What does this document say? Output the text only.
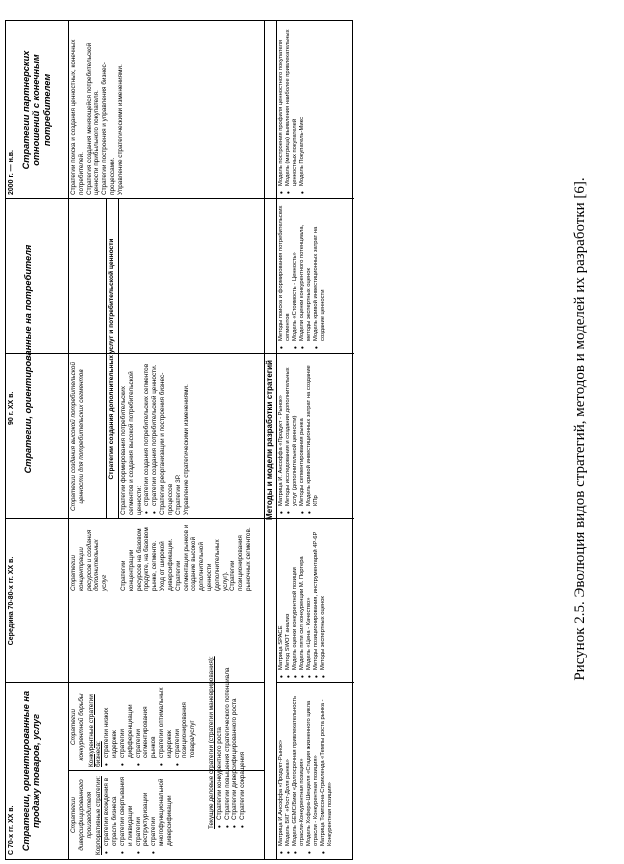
С 70-х гг. XX в. Стратегии, ориентированные на продажу товаров, услуг
Середина 70-80-х гг. XX в.
90 г. XX в. Стратегии, ориентированные на потребителя
2000 г. — н.в.
Стратегии партнерских отношений с конечным потребителем
Стратегии диверсифицированного производителя Корпоративные стратегии: • стратегии вхождения в отрасль бизнеса • стратегии свертывания и ликвидации • стратегии реструктуризации • стратегии многофункциональной диверсификации
Стратегии конкурентной борьбы Конкурентные стратегии бизнеса: • стратегии низких издержек • стратегии дифференциации • стратегии сегментирования рынков • стратегии оптимальных издержек • стратегии позиционирования товара/услуг Текущие деловые стратегии (стратегии маневрирования): • Стратегии конкурентного роста • Стратегии повышения стратегического потенциала • Стратегии диверсифицированного роста • Стратегии сокращения
Стратегии концентрации ресурсов и создания дополнительных услуг Стратегии концентрации ресурсов на базовом продукте, на базовом рынке, сегменте. Уход от широкой диверсификации. Стратегии сегментации рынков и создание высокой дополнительной ценности (дополнительных услуг). Стратегии позиционирования рыночных сегментов.

Стратегии создания дополнительных услуг и потребительской ценности
Стратегии создания высокой потребительской ценности для потребительских сегментов	Стратегии формирования потребительских сегментов и создания высокой потребительской ценности: • стратегии создания потребительских сегментов • стратегии создания потребительской ценности. Стратегии реорганизации и построения бизнес-процессов Стратегии 3Р. Управление стратегическими изменениями.

Стратегии поиска и создания ценностных, конечных потребителей. Стратегия создания меняющейся потребительской ценности прибыльного покупателя. Стратегии построения и управления бизнес-процессами. Управление стратегическими изменениями.

Методы и модели разработки стратегий
• Матрица И.Ансоффа «Продукт-Рынок» • Модель БКГ «Рост-Доля рынка» • Модель GEMC/Бики «Долгосрочная привлекательность отрасли-Конкурентная позиция» • Модель Хофера-Шенделя «Стадия жизненного цикла отрасли - Конкурентная позиция» • Матрица Томпсона-Стрикленда «Темпы роста рынка - Конкурентная позиция»
• Матрица SPACE • Метод SWOT анализ • Модель оценки конкурентной позиции • Модель пяти сил конкуренции М. Портера • Модель «Цена - Качество» • Методы позиционирования, инструментарий 4Р-6Р • Методы экспертных оценок
• Матрица И. Ансоффа «Продукт - Рынок» • Методы исследования и создания дополнительных услуг (дополнительной ценности) • Методы сегментирования рынка • Модель кривой инвестиционных затрат на создание КПр
• Методы поиска и формирования потребительских сегментов • Модель «Стоимость - Ценность» • Модели оценки конкурентного потенциала, методы экспертных оценок • Модель кривой инвестиционных затрат на создание ценности
• Модель построения профиля ценностного покупателя • Модель (матрица) выявления наиболее привлекательных ценностных покупателей • Модель Покупатель-Микс
Рисунок 2.5. Эволюция видов стратегий, методов и моделей их разработки [6].
